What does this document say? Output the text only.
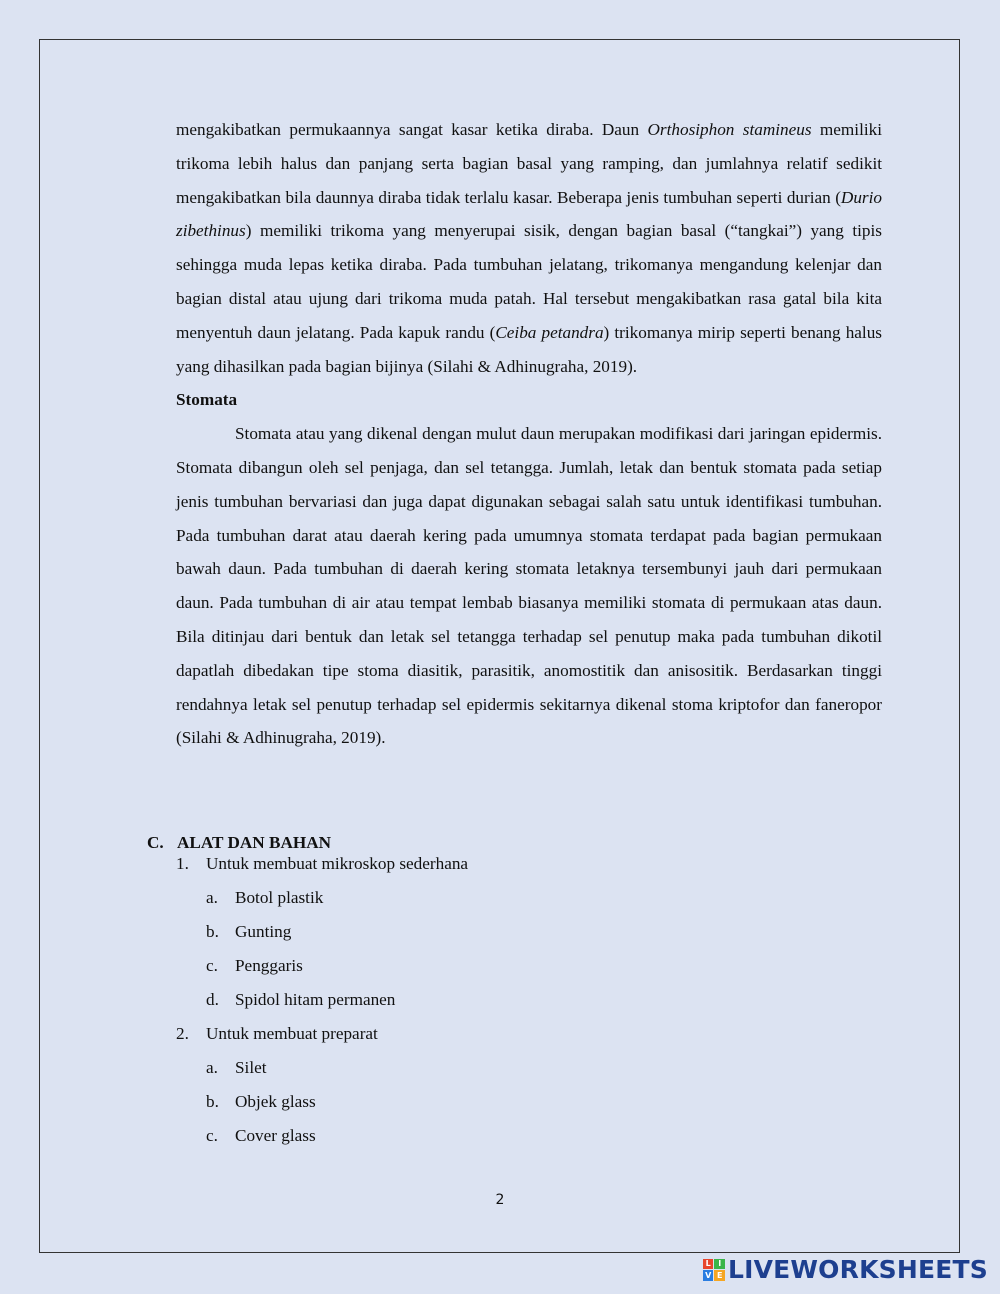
mengakibatkan permukaannya sangat kasar ketika diraba. Daun Orthosiphon stamineus memiliki trikoma lebih halus dan panjang serta bagian basal yang ramping, dan jumlahnya relatif sedikit mengakibatkan bila daunnya diraba tidak terlalu kasar. Beberapa jenis tumbuhan seperti durian (Durio zibethinus) memiliki trikoma yang menyerupai sisik, dengan bagian basal (“tangkai”) yang tipis sehingga muda lepas ketika diraba. Pada tumbuhan jelatang, trikomanya mengandung kelenjar dan bagian distal atau ujung dari trikoma muda patah. Hal tersebut mengakibatkan rasa gatal bila kita menyentuh daun jelatang. Pada kapuk randu (Ceiba petandra) trikomanya mirip seperti benang halus yang dihasilkan pada bagian bijinya (Silahi & Adhinugraha, 2019).

Stomata

Stomata atau yang dikenal dengan mulut daun merupakan modifikasi dari jaringan epidermis. Stomata dibangun oleh sel penjaga, dan sel tetangga. Jumlah, letak dan bentuk stomata pada setiap jenis tumbuhan bervariasi dan juga dapat digunakan sebagai salah satu untuk identifikasi tumbuhan. Pada tumbuhan darat atau daerah kering pada umumnya stomata terdapat pada bagian permukaan bawah daun. Pada tumbuhan di daerah kering stomata letaknya tersembunyi jauh dari permukaan daun. Pada tumbuhan di air atau tempat lembab biasanya memiliki stomata di permukaan atas daun. Bila ditinjau dari bentuk dan letak sel tetangga terhadap sel penutup maka pada tumbuhan dikotil dapatlah dibedakan tipe stoma diasitik, parasitik, anomostitik dan anisositik. Berdasarkan tinggi rendahnya letak sel penutup terhadap sel epidermis sekitarnya dikenal stoma kriptofor dan faneropor (Silahi & Adhinugraha, 2019).

C. ALAT DAN BAHAN
1. Untuk membuat mikroskop sederhana
a. Botol plastik
b. Gunting
c. Penggaris
d. Spidol hitam permanen
2. Untuk membuat preparat
a. Silet
b. Objek glass
c. Cover glass
2
L I
V E LIVEWORKSHEETS
